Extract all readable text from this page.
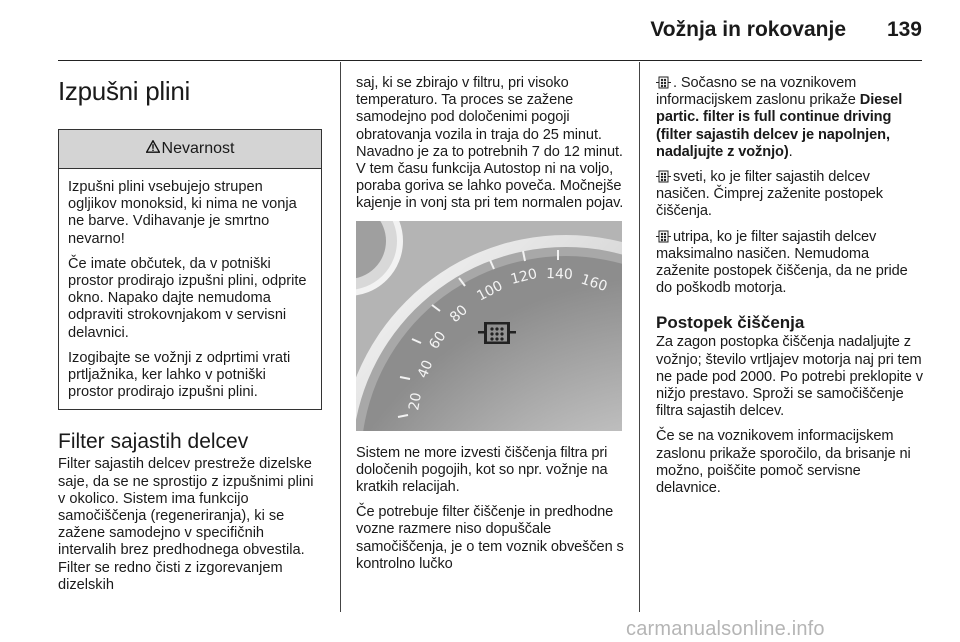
Vožnja in rokovanje 139
Izpušni plini
Nevarnost

Izpušni plini vsebujejo strupen ogljikov monoksid, ki nima ne vonja ne barve. Vdihavanje je smrtno nevarno!

Če imate občutek, da v potniški prostor prodirajo izpušni plini, odprite okno. Napako dajte nemudoma odpraviti strokovnjakom v servisni delavnici.

Izogibajte se vožnji z odprtimi vrati prtljažnika, ker lahko v potniški prostor prodirajo izpušni plini.

Filter sajastih delcev

Filter sajastih delcev prestreže dizelske saje, da se ne sprostijo z izpušnimi plini v okolico. Sistem ima funkcijo samočiščenja (regeneriranja), ki se zažene samodejno v specifičnih intervalih brez predhodnega obvestila. Filter se redno čisti z izgorevanjem dizelskih

saj, ki se zbirajo v filtru, pri visoko temperaturo. Ta proces se zažene samodejno pod določenimi pogoji obratovanja vozila in traja do 25 minut. Navadno je za to potrebnih 7 do 12 minut. V tem času funkcija Autostop ni na voljo, poraba goriva se lahko poveča. Močnejše kajenje in vonj sta pri tem normalen pojav.

20
40
60
80
100
120 140 160

Sistem ne more izvesti čiščenja filtra pri določenih pogojih, kot so npr. vožnje na kratkih relacijah.

Če potrebuje filter čiščenje in predhodne vozne razmere niso dopuščale samočiščenja, je o tem voznik obveščen s kontrolno lučko

. Sočasno se na voznikovem informacijskem zaslonu prikaže Diesel partic. filter is full continue driving (filter sajastih delcev je napolnjen, nadaljujte z vožnjo).

sveti, ko je filter sajastih delcev nasičen. Čimprej zaženite postopek čiščenja.

utripa, ko je filter sajastih delcev maksimalno nasičen. Nemudoma zaženite postopek čiščenja, da ne pride do poškodb motorja.

Postopek čiščenja

Za zagon postopka čiščenja nadaljujte z vožnjo; število vrtljajev motorja naj pri tem ne pade pod 2000. Po potrebi preklopite v nižjo prestavo. Sproži se samočiščenje filtra sajastih delcev.

Če se na voznikovem informacijskem zaslonu prikaže sporočilo, da brisanje ni možno, poiščite pomoč servisne delavnice.

carmanualsonline.info
